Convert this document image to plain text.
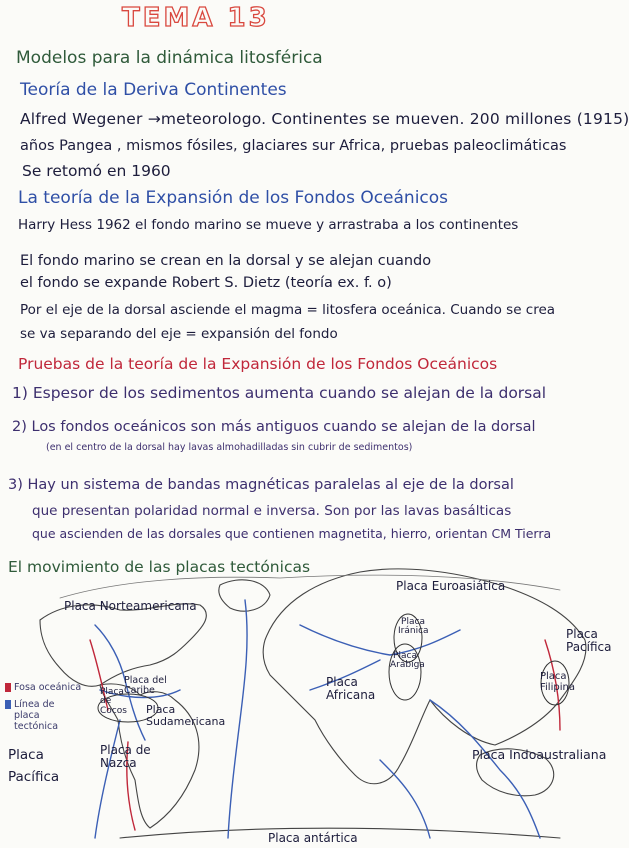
TEMA 13
Modelos para la dinámica litosférica
Teoría de la Deriva Continentes
Alfred Wegener →meteorologo. Continentes se mueven. 200 millones (1915)
años Pangea , mismos fósiles, glaciares sur Africa, pruebas paleoclimáticas
Se retomó en 1960
La teoría de la Expansión de los Fondos Oceánicos
Harry Hess 1962 el fondo marino se mueve y arrastraba a los continentes
El fondo marino se crean en la dorsal y se alejan cuando
el fondo se expande Robert S. Dietz (teoría ex. f. o)
Por el eje de la dorsal asciende el magma = litosfera oceánica. Cuando se crea
se va separando del eje = expansión del fondo
Pruebas de la teoría de la Expansión de los Fondos Oceánicos
1) Espesor de los sedimentos aumenta cuando se alejan de la dorsal
2) Los fondos oceánicos son más antiguos cuando se alejan de la dorsal
(en el centro de la dorsal hay lavas almohadilladas sin cubrir de sedimentos)
3) Hay un sistema de bandas magnéticas paralelas al eje de la dorsal
que presentan polaridad normal e inversa. Son por las lavas basálticas
que ascienden de las dorsales que contienen magnetita, hierro, orientan CM Tierra
El movimiento de las placas tectónicas
Placa Norteamericana
Placa Euroasiática
Placa Iránica
Placa Arábiga
Placa Pacífica
Placa Filipina
Placa del Caribe
Placa de Cocos	Placa Sudamericana
Placa Africana
Placa de Nazca
Placa Indoaustraliana
Placa Pacífica
Placa antártica
Fosa oceánica
Línea de placa tectónica
